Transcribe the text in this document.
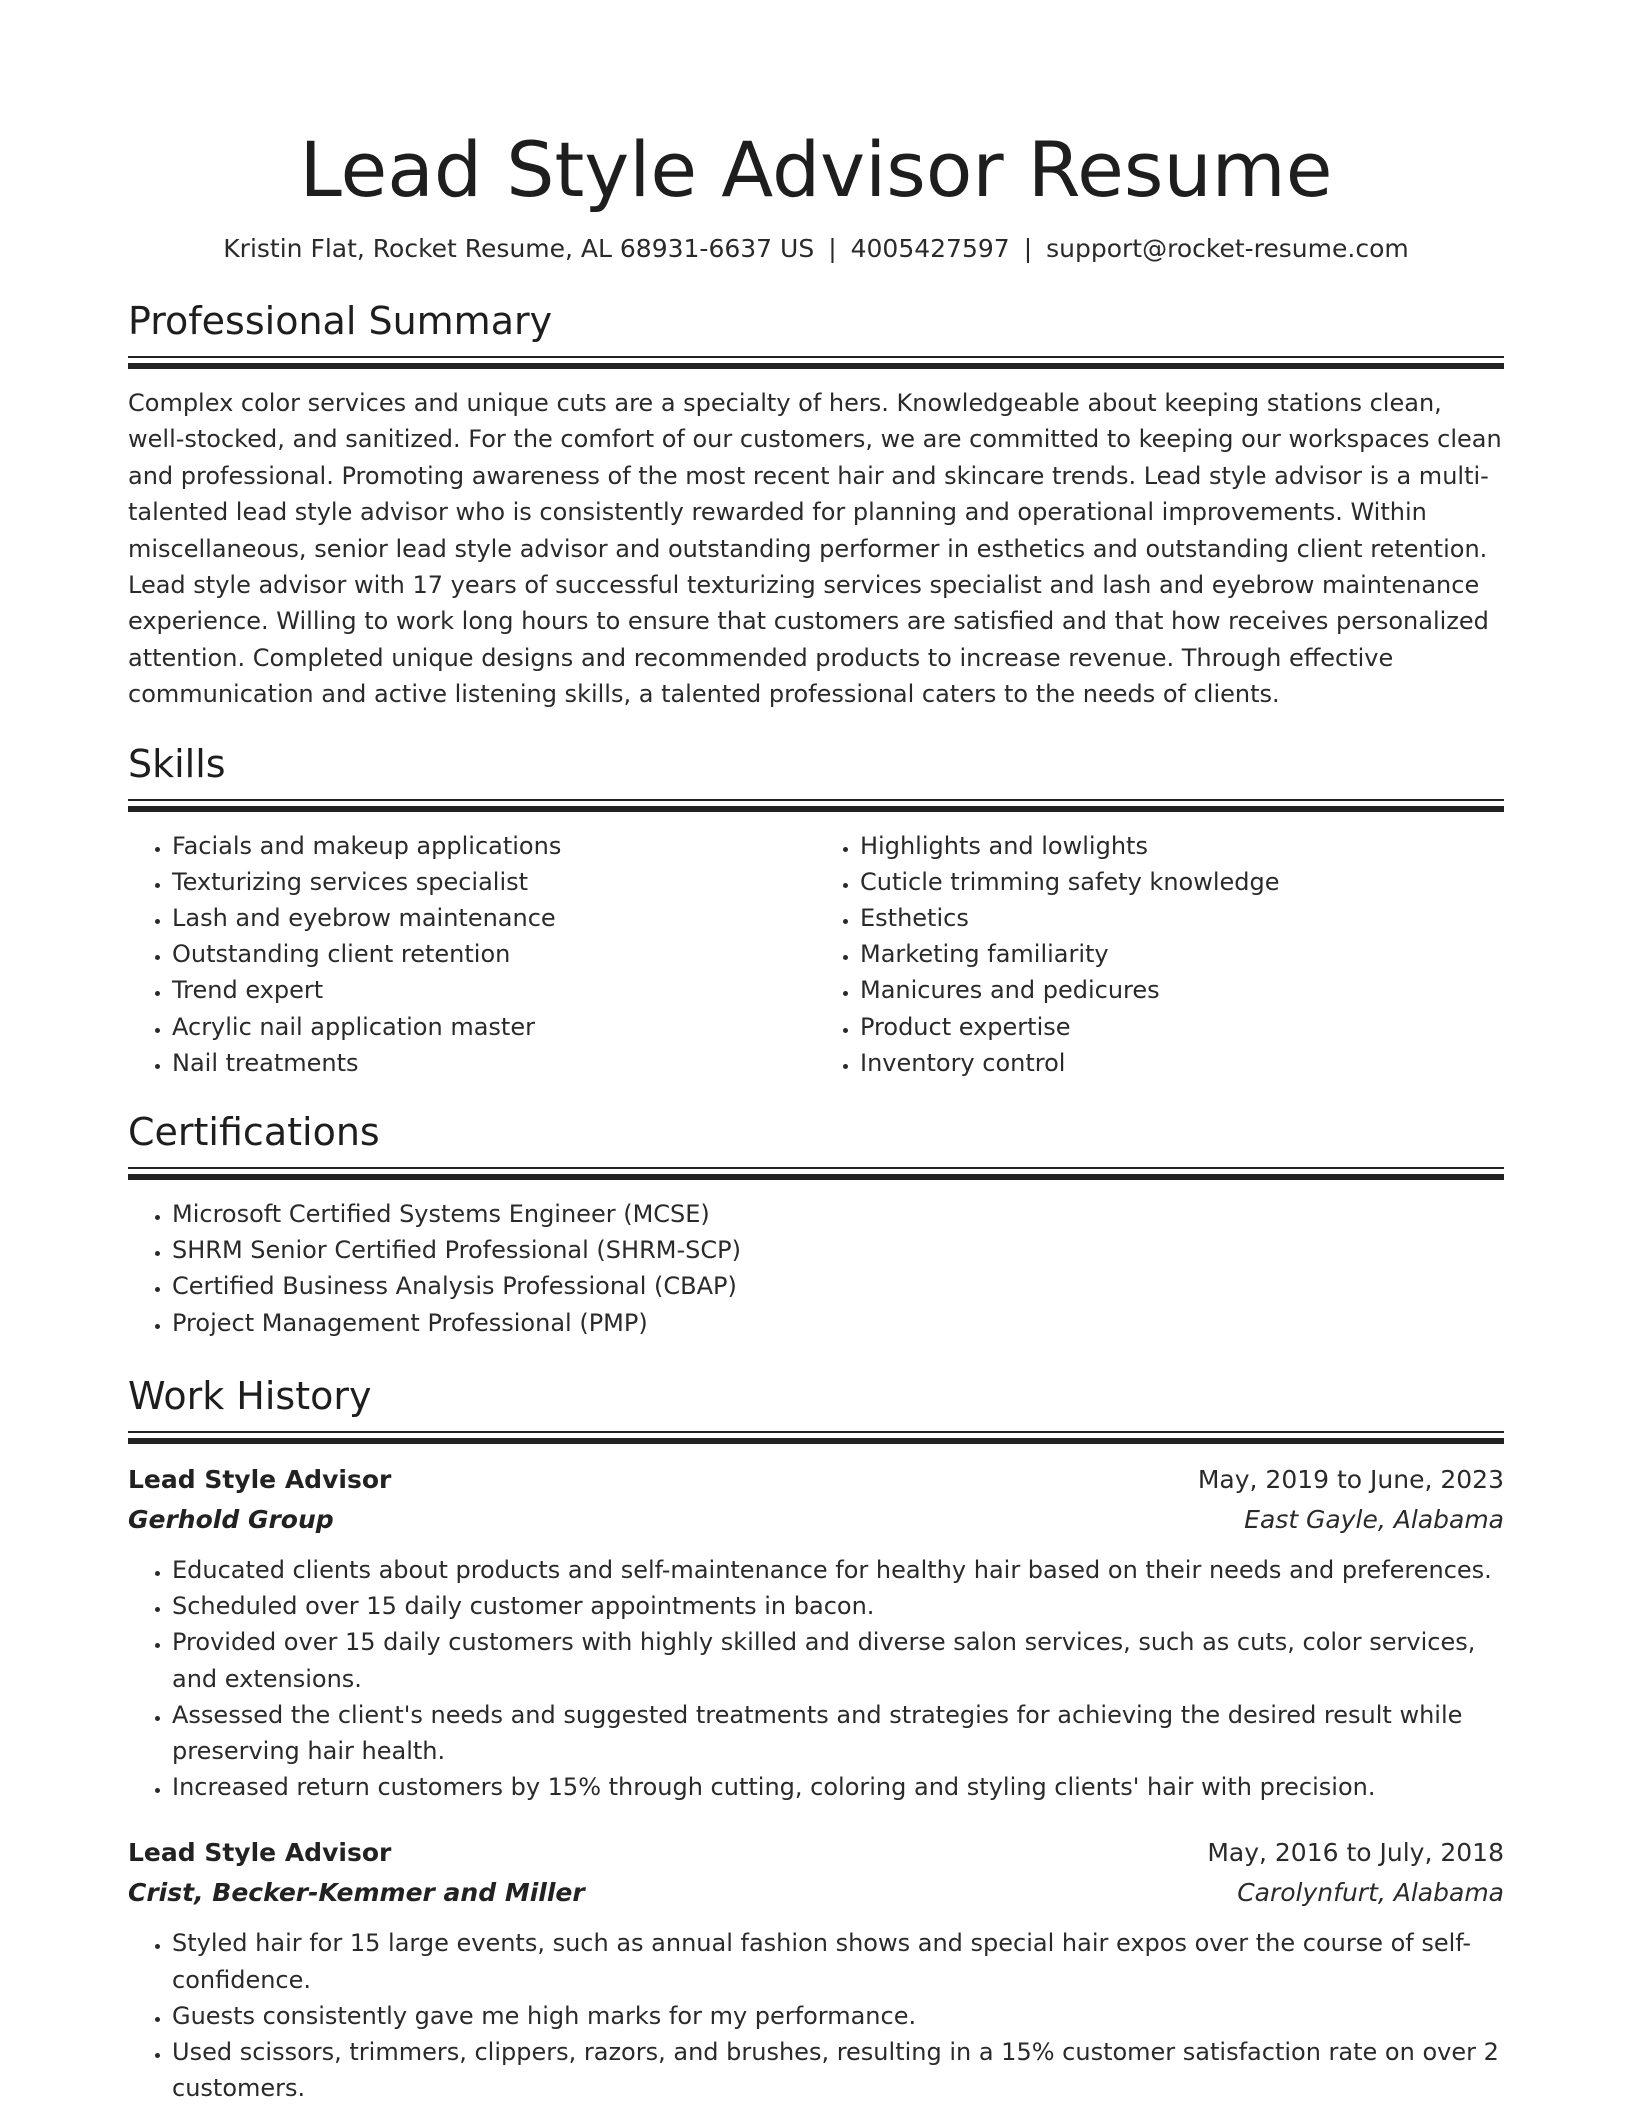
Lead Style Advisor Resume
Kristin Flat, Rocket Resume, AL 68931-6637 US | 4005427597 | support@rocket-resume.com
Professional Summary

Complex color services and unique cuts are a specialty of hers. Knowledgeable about keeping stations clean, well-stocked, and sanitized. For the comfort of our customers, we are committed to keeping our workspaces clean and professional. Promoting awareness of the most recent hair and skincare trends. Lead style advisor is a multi-talented lead style advisor who is consistently rewarded for planning and operational improvements. Within miscellaneous, senior lead style advisor and outstanding performer in esthetics and outstanding client retention. Lead style advisor with 17 years of successful texturizing services specialist and lash and eyebrow maintenance experience. Willing to work long hours to ensure that customers are satisfied and that how receives personalized attention. Completed unique designs and recommended products to increase revenue. Through effective communication and active listening skills, a talented professional caters to the needs of clients.

Skills
• Facials and makeup applications
• Texturizing services specialist
• Lash and eyebrow maintenance
• Outstanding client retention
• Trend expert
• Acrylic nail application master
• Nail treatments
• Highlights and lowlights
• Cuticle trimming safety knowledge
• Esthetics
• Marketing familiarity
• Manicures and pedicures
• Product expertise
• Inventory control
Certifications
• Microsoft Certified Systems Engineer (MCSE)
• SHRM Senior Certified Professional (SHRM-SCP)
• Certified Business Analysis Professional (CBAP)
• Project Management Professional (PMP)
Work History
Lead Style Advisor	May, 2019 to June, 2023
Gerhold Group	East Gayle, Alabama
• Educated clients about products and self-maintenance for healthy hair based on their needs and preferences.
• Scheduled over 15 daily customer appointments in bacon.
• Provided over 15 daily customers with highly skilled and diverse salon services, such as cuts, color services, and extensions.
• Assessed the client's needs and suggested treatments and strategies for achieving the desired result while preserving hair health.
• Increased return customers by 15% through cutting, coloring and styling clients' hair with precision.
Lead Style Advisor	May, 2016 to July, 2018
Crist, Becker-Kemmer and Miller	Carolynfurt, Alabama
• Styled hair for 15 large events, such as annual fashion shows and special hair expos over the course of self-confidence.
• Guests consistently gave me high marks for my performance.
• Used scissors, trimmers, clippers, razors, and brushes, resulting in a 15% customer satisfaction rate on over 2 customers.
